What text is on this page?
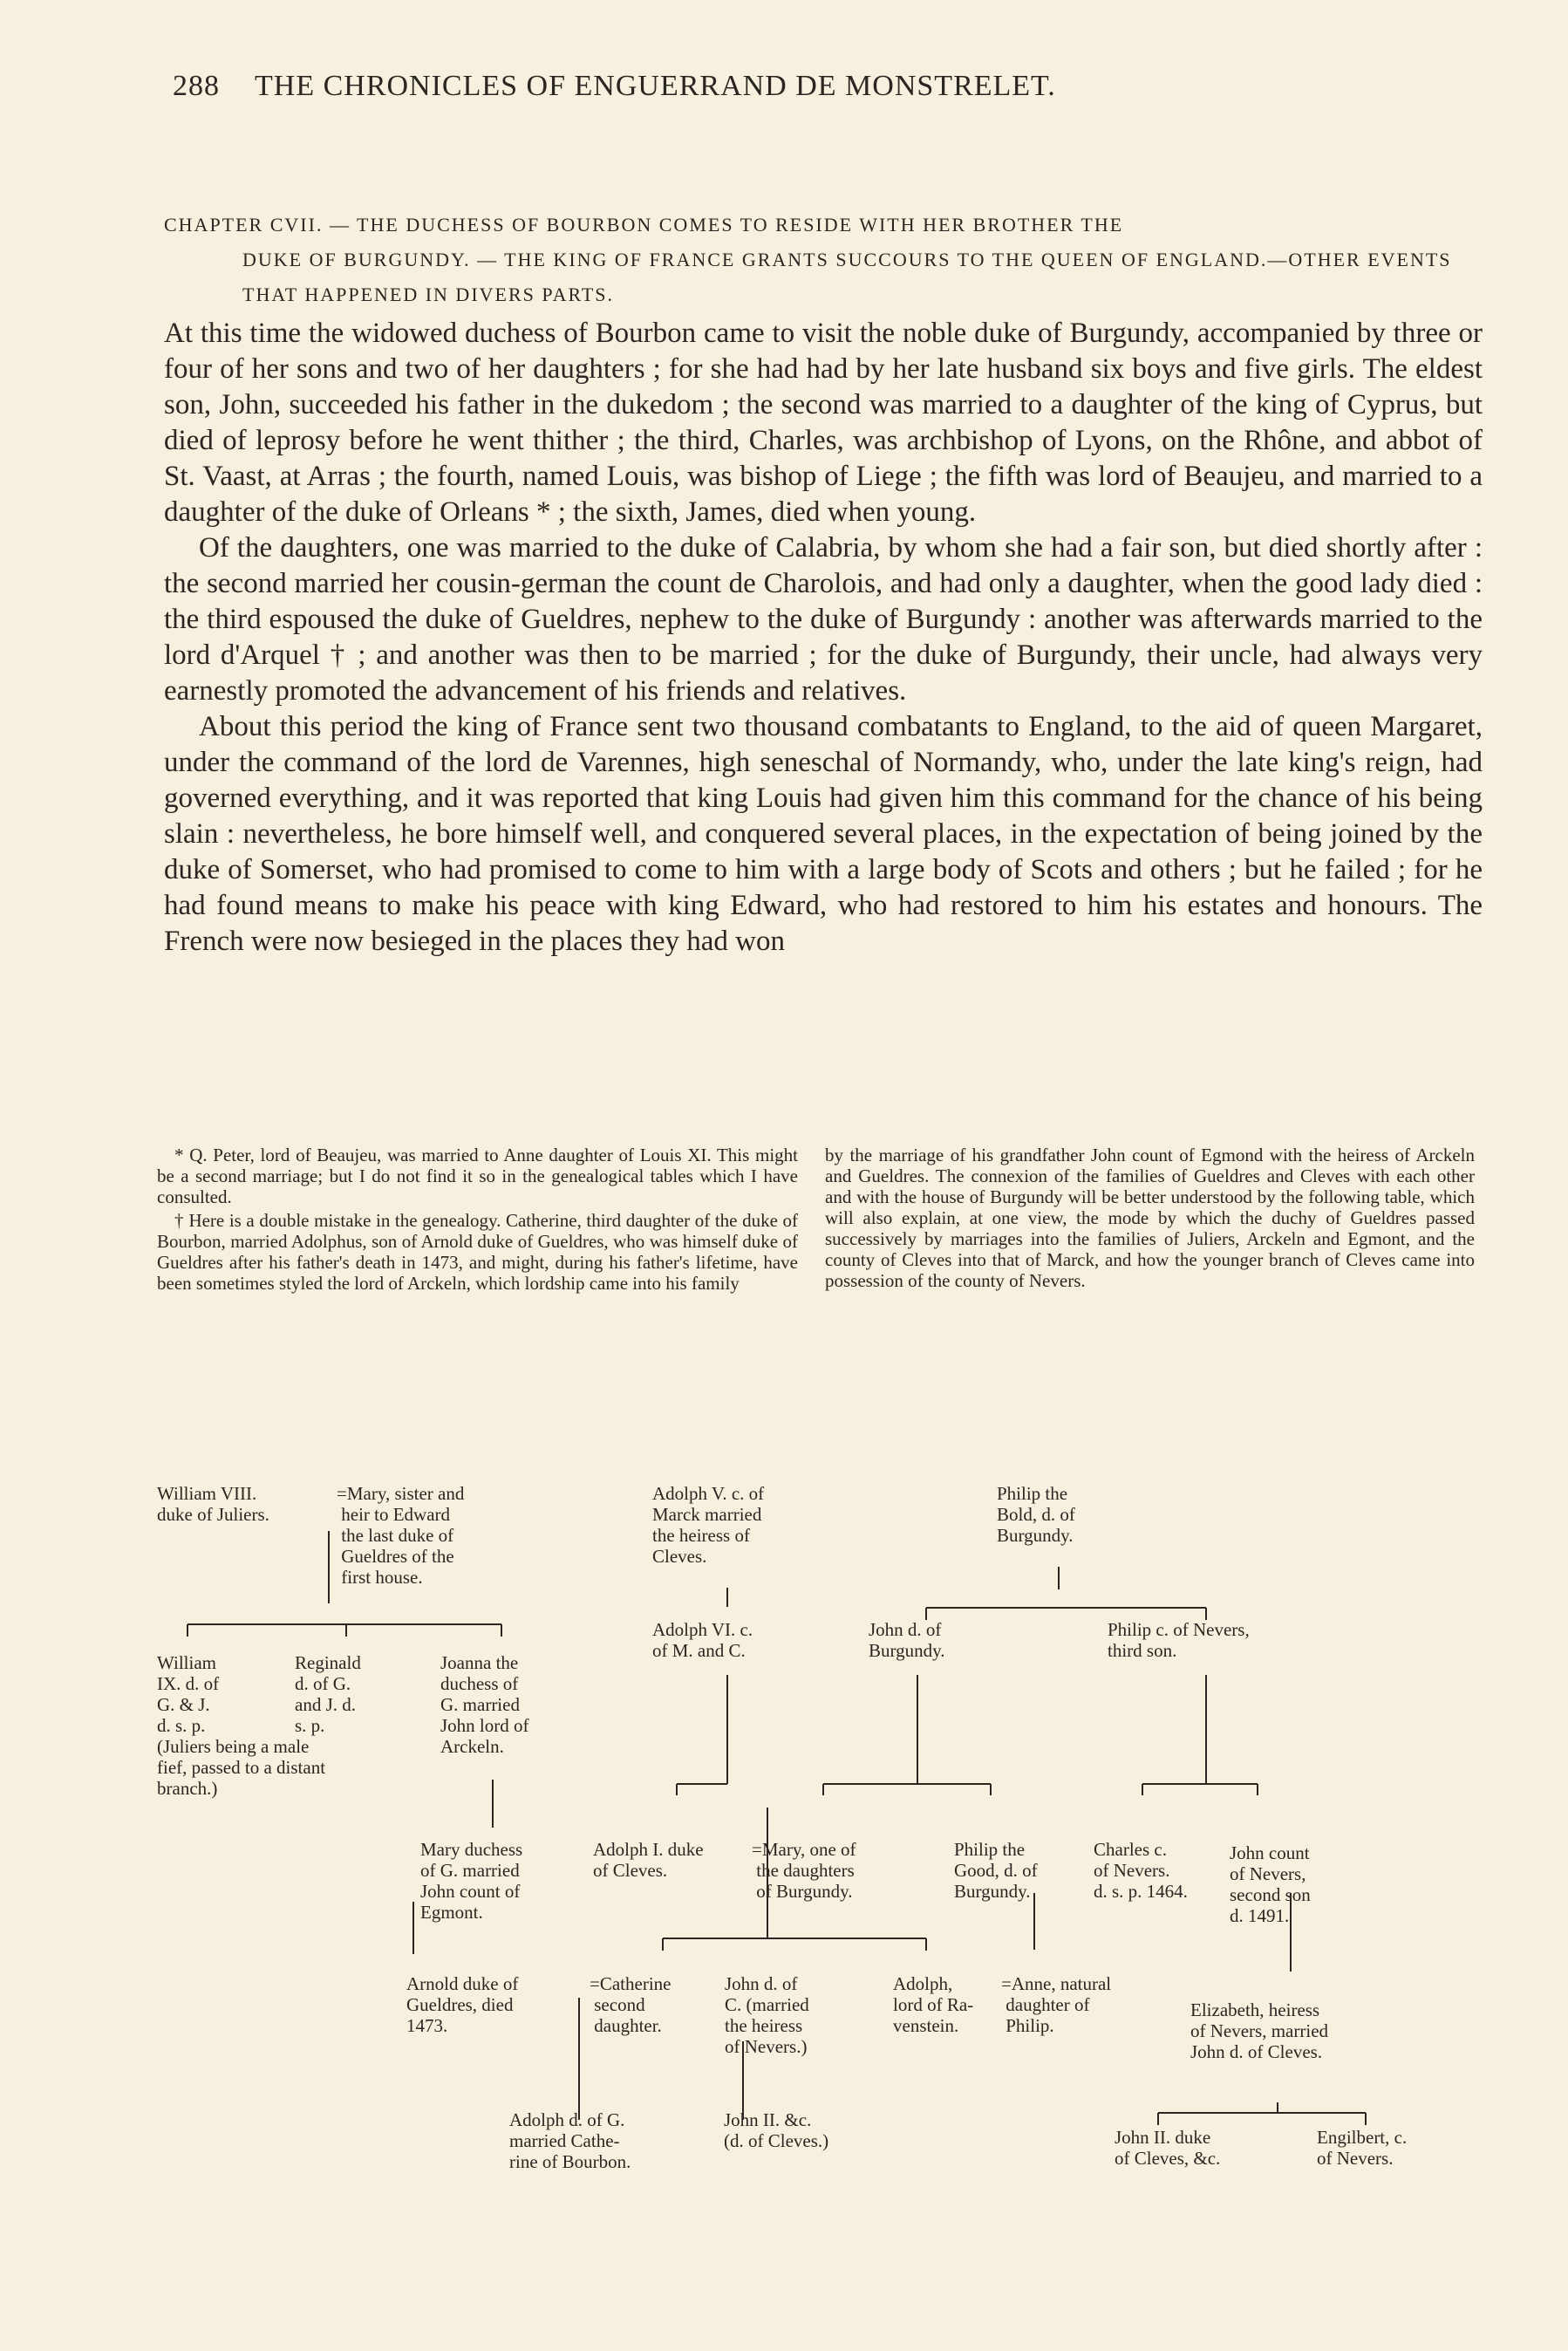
288 THE CHRONICLES OF ENGUERRAND DE MONSTRELET.
CHAPTER CVII. — THE DUCHESS OF BOURBON COMES TO RESIDE WITH HER BROTHER THE
DUKE OF BURGUNDY. — THE KING OF FRANCE GRANTS SUCCOURS TO THE QUEEN OF ENGLAND.—OTHER EVENTS THAT HAPPENED IN DIVERS PARTS.

At this time the widowed duchess of Bourbon came to visit the noble duke of Burgundy, accompanied by three or four of her sons and two of her daughters ; for she had had by her late husband six boys and five girls. The eldest son, John, succeeded his father in the dukedom ; the second was married to a daughter of the king of Cyprus, but died of leprosy before he went thither ; the third, Charles, was archbishop of Lyons, on the Rhône, and abbot of St. Vaast, at Arras ; the fourth, named Louis, was bishop of Liege ; the fifth was lord of Beaujeu, and married to a daughter of the duke of Orleans * ; the sixth, James, died when young.

Of the daughters, one was married to the duke of Calabria, by whom she had a fair son, but died shortly after : the second married her cousin-german the count de Charolois, and had only a daughter, when the good lady died : the third espoused the duke of Gueldres, nephew to the duke of Burgundy : another was afterwards married to the lord d'Arquel † ; and another was then to be married ; for the duke of Burgundy, their uncle, had always very earnestly promoted the advancement of his friends and relatives.

About this period the king of France sent two thousand combatants to England, to the aid of queen Margaret, under the command of the lord de Varennes, high seneschal of Normandy, who, under the late king's reign, had governed everything, and it was reported that king Louis had given him this command for the chance of his being slain : nevertheless, he bore himself well, and conquered several places, in the expectation of being joined by the duke of Somerset, who had promised to come to him with a large body of Scots and others ; but he failed ; for he had found means to make his peace with king Edward, who had restored to him his estates and honours. The French were now besieged in the places they had won

* Q. Peter, lord of Beaujeu, was married to Anne daughter of Louis XI. This might be a second marriage; but I do not find it so in the genealogical tables which I have consulted.

† Here is a double mistake in the genealogy. Catherine, third daughter of the duke of Bourbon, married Adolphus, son of Arnold duke of Gueldres, who was himself duke of Gueldres after his father's death in 1473, and might, during his father's lifetime, have been sometimes styled the lord of Arckeln, which lordship came into his family

by the marriage of his grandfather John count of Egmond with the heiress of Arckeln and Gueldres. The connexion of the families of Gueldres and Cleves with each other and with the house of Burgundy will be better understood by the following table, which will also explain, at one view, the mode by which the duchy of Gueldres passed successively by marriages into the families of Juliers, Arckeln and Egmont, and the county of Cleves into that of Marck, and how the younger branch of Cleves came into possession of the county of Nevers.

William VIII.
duke of Juliers.
=Mary, sister and
heir to Edward
the last duke of
Gueldres of the
first house.
Adolph V. c. of
Marck married
the heiress of
Cleves.
Philip the
Bold, d. of
Burgundy.
William
IX. d. of
G. & J.
d. s. p.
Reginald
d. of G.
and J. d.
s. p.
(Juliers being a male
fief, passed to a distant
branch.)
Joanna the
duchess of
G. married
John lord of
Arckeln.
Adolph VI. c.
of M. and C.
John d. of
Burgundy.
Philip c. of Nevers,
third son.
Mary duchess
of G. married
John count of
Egmont.
Adolph I. duke
of Cleves.
=Mary, one of
the daughters
of Burgundy.
Philip the
Good, d. of
Burgundy.
Charles c.
of Nevers.
d. s. p. 1464.
John count
of Nevers,
second son
d. 1491.
Arnold duke of
Gueldres, died
1473.
=Catherine
second
daughter.
John d. of
C. (married
the heiress
of Nevers.)
Adolph,
lord of Ra-
venstein.
=Anne, natural
daughter of
Philip.
Elizabeth, heiress
of Nevers, married
John d. of Cleves.
Adolph d. of G.
married Cathe-
rine of Bourbon.
John II. &c.
(d. of Cleves.)	John II. duke
of Cleves, &c.
Engilbert, c.
of Nevers.
